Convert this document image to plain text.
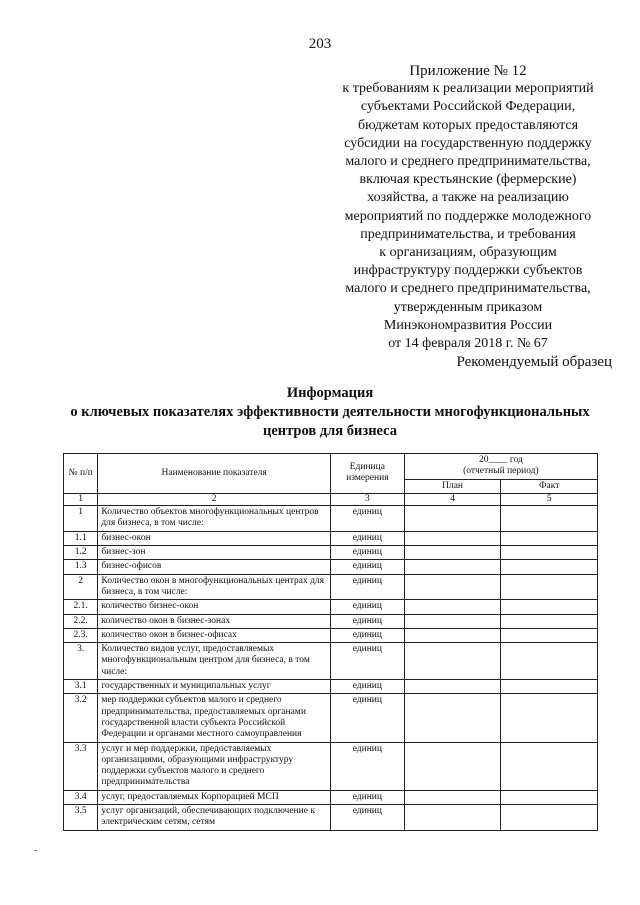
203
Приложение № 12
к требованиям к реализации мероприятий
субъектами Российской Федерации,
бюджетам которых предоставляются
субсидии на государственную поддержку
малого и среднего предпринимательства,
включая крестьянские (фермерские)
хозяйства, а также на реализацию
мероприятий по поддержке молодежного
предпринимательства, и требования
к организациям, образующим
инфраструктуру поддержки субъектов
малого и среднего предпринимательства,
утвержденным приказом
Минэкономразвития России
от 14 февраля 2018 г. № 67
Рекомендуемый образец
Информация
о ключевых показателях эффективности деятельности многофункциональных
центров для бизнеса
№ п/п	Наименование показателя	Единица измерения	20____ год
(отчетный период)	

			План	Факт
1	2	3	4	5
1	Количество объектов многофункциональных центров для бизнеса, в том числе:	единиц		
1.1	бизнес-окон	единиц		
1.2	бизнес-зон	единиц		
1.3	бизнес-офисов	единиц		
2	Количество окон в многофункциональных центрах для бизнеса, в том числе:	единиц		
2.1.	количество бизнес-окон	единиц		
2.2.	количество окон в бизнес-зонах	единиц		
2.3.	количество окон в бизнес-офисах	единиц		
3.	Количество видов услуг, предоставляемых многофункциональным центром для бизнеса, в том числе:	единиц		
3.1	государственных и муниципальных услуг	единиц		
3.2	мер поддержки субъектов малого и среднего предпринимательства, предоставляемых органами государственной власти субъекта Российской Федерации и органами местного самоуправления	единиц		
3.3	услуг и мер поддержки, предоставляемых организациями, образующими инфраструктуру поддержки субъектов малого и среднего предпринимательства	единиц		
3.4	услуг, предоставляемых Корпорацией МСП	единиц		
3.5	услуг организаций, обеспечивающих подключение к электрическим сетям, сетям	единиц		
